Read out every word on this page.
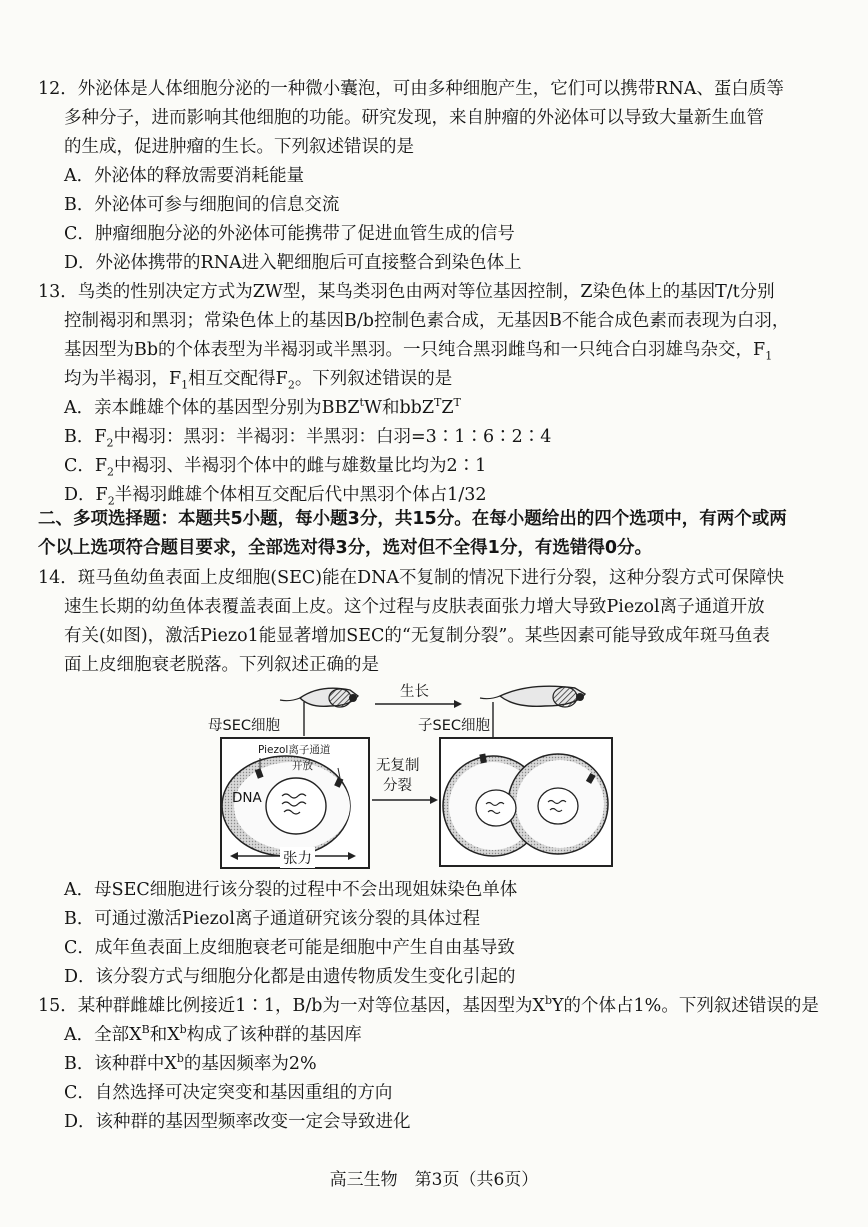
12．外泌体是人体细胞分泌的一种微小囊泡，可由多种细胞产生，它们可以携带RNA、蛋白质等

多种分子，进而影响其他细胞的功能。研究发现，来自肿瘤的外泌体可以导致大量新生血管

的生成，促进肿瘤的生长。下列叙述错误的是

A．外泌体的释放需要消耗能量

B．外泌体可参与细胞间的信息交流

C．肿瘤细胞分泌的外泌体可能携带了促进血管生成的信号

D．外泌体携带的RNA进入靶细胞后可直接整合到染色体上

13．鸟类的性别决定方式为ZW型，某鸟类羽色由两对等位基因控制，Z染色体上的基因T/t分别

控制褐羽和黑羽；常染色体上的基因B/b控制色素合成，无基因B不能合成色素而表现为白羽，

基因型为Bb的个体表型为半褐羽或半黑羽。一只纯合黑羽雌鸟和一只纯合白羽雄鸟杂交，$F_1$

均为半褐羽，$F_1$相互交配得$F_2$。下列叙述错误的是

A．亲本雌雄个体的基因型分别为BBZ$^t$W和$bbZ^TZ^T$

B．$F_2$中褐羽：黑羽：半褐羽：半黑羽：白羽=3∶1∶6∶2∶4

C．$F_2$中褐羽、半褐羽个体中的雌与雄数量比均为2∶1

D．$F_2$半褐羽雌雄个体相互交配后代中黑羽个体占1/32

二、多项选择题：本题共5小题，每小题3分，共15分。在每小题给出的四个选项中，有两个或两

个以上选项符合题目要求，全部选对得3分，选对但不全得1分，有选错得0分。

14．斑马鱼幼鱼表面上皮细胞(SEC)能在DNA不复制的情况下进行分裂，这种分裂方式可保障快

速生长期的幼鱼体表覆盖表面上皮。这个过程与皮肤表面张力增大导致Piezol离子通道开放

有关(如图)，激活Piezo1能显著增加SEC的“无复制分裂”。某些因素可能导致成年斑马鱼表

面上皮细胞衰老脱落。下列叙述正确的是

生长
母SEC细胞	子SEC细胞
Piezol离子通道
开放	无复制
分裂
DNA
张力

A．母SEC细胞进行该分裂的过程中不会出现姐妹染色单体

B．可通过激活Piezol离子通道研究该分裂的具体过程

C．成年鱼表面上皮细胞衰老可能是细胞中产生自由基导致

D．该分裂方式与细胞分化都是由遗传物质发生变化引起的

15．某种群雌雄比例接近1∶1，B/b为一对等位基因，基因型为$X^bY$的个体占1%。下列叙述错误的是

A．全部$X^B$和$X^b$构成了该种群的基因库

B．该种群中$X^b$的基因频率为2%

C．自然选择可决定突变和基因重组的方向

D．该种群的基因型频率改变一定会导致进化

高三生物　第3页（共6页）
